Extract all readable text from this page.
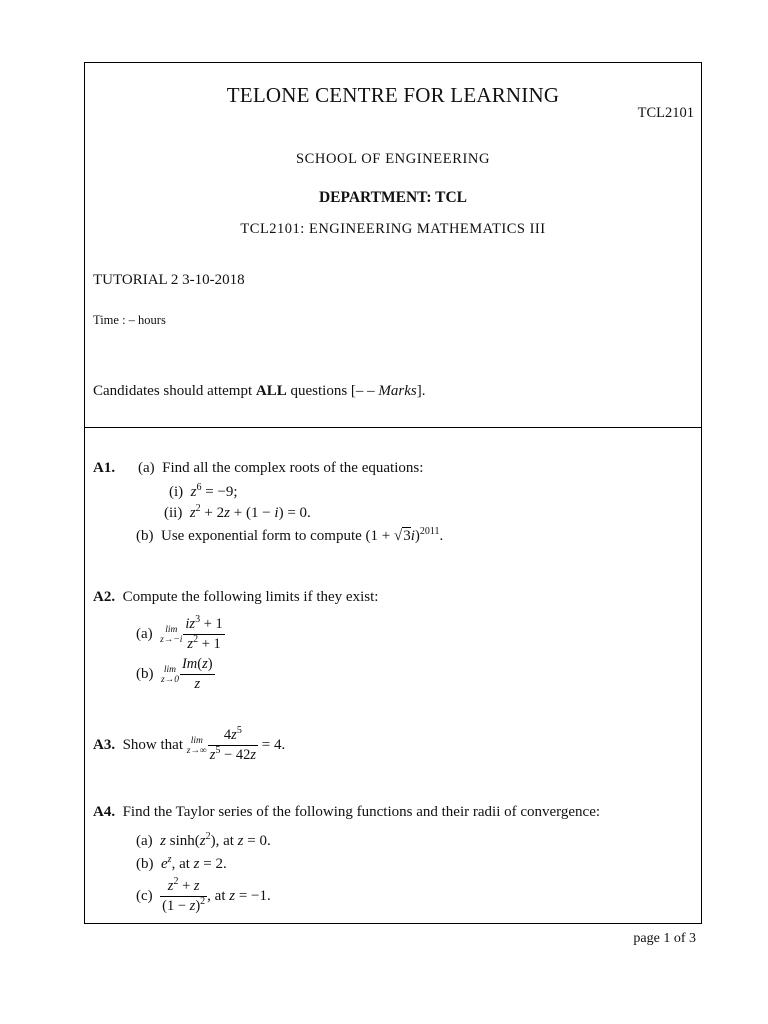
TELONE CENTRE FOR LEARNING
TCL2101
SCHOOL OF ENGINEERING
DEPARTMENT: TCL
TCL2101: ENGINEERING MATHEMATICS III
TUTORIAL 2 3-10-2018
Time : – hours
Candidates should attempt ALL questions [– – Marks].
A1. (a) Find all the complex roots of the equations:
(i) $z^6 = -9$;
(ii) $z^2 + 2z + (1 - i) = 0$.
(b) Use exponential form to compute $(1 + √3i)^{2011}$.
A2. Compute the following limits if they exist:
(a) lim
$z\to-i \frac{iz^3 + 1}{z^2 + 1}$
(b) lim
$z\to 0 \frac{Im(z)}{z}$
A3. Show that lim
$z\to\infty \frac{4z^5}{z^5 - 42z} = 4$.
A4. Find the Taylor series of the following functions and their radii of convergence:
(a) z $\sinh(z^2)$, at z = 0.
(b) $e^z$, at z = 2.
$(c) \frac{z^2 + z}{(1 - z)^2}$ , at z = −1.
page 1 of 3
